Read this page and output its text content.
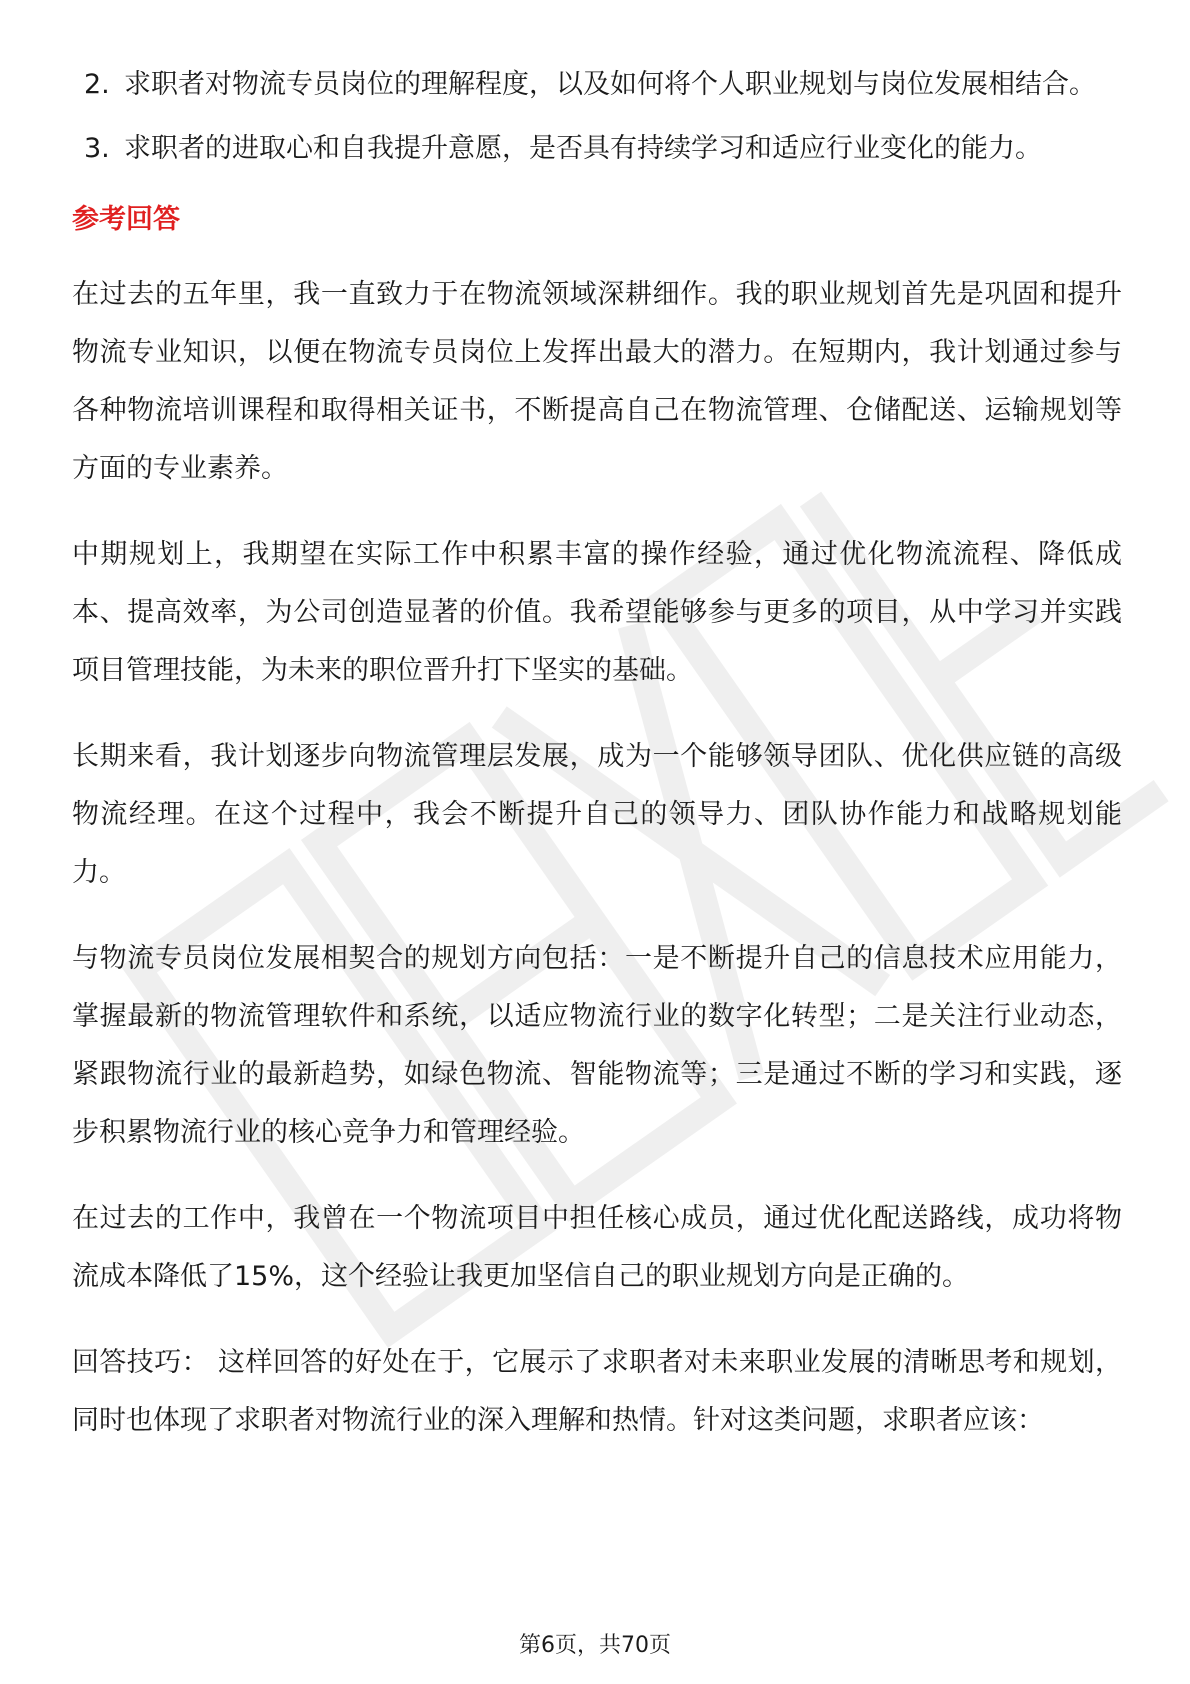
2. 求职者对物流专员岗位的理解程度，以及如何将个人职业规划与岗位发展相结合。
3. 求职者的进取心和自我提升意愿，是否具有持续学习和适应行业变化的能力。
参考回答

在过去的五年里，我一直致力于在物流领域深耕细作。我的职业规划首先是巩固和提升物流专业知识，以便在物流专员岗位上发挥出最大的潜力。在短期内，我计划通过参与各种物流培训课程和取得相关证书，不断提高自己在物流管理、仓储配送、运输规划等方面的专业素养。

中期规划上，我期望在实际工作中积累丰富的操作经验，通过优化物流流程、降低成本、提高效率，为公司创造显著的价值。我希望能够参与更多的项目，从中学习并实践项目管理技能，为未来的职位晋升打下坚实的基础。

长期来看，我计划逐步向物流管理层发展，成为一个能够领导团队、优化供应链的高级物流经理。在这个过程中，我会不断提升自己的领导力、团队协作能力和战略规划能力。

与物流专员岗位发展相契合的规划方向包括：一是不断提升自己的信息技术应用能力，掌握最新的物流管理软件和系统，以适应物流行业的数字化转型；二是关注行业动态，紧跟物流行业的最新趋势，如绿色物流、智能物流等；三是通过不断的学习和实践，逐步积累物流行业的核心竞争力和管理经验。

在过去的工作中，我曾在一个物流项目中担任核心成员，通过优化配送路线，成功将物流成本降低了15%，这个经验让我更加坚信自己的职业规划方向是正确的。

回答技巧： 这样回答的好处在于，它展示了求职者对未来职业发展的清晰思考和规划，同时也体现了求职者对物流行业的深入理解和热情。针对这类问题，求职者应该：

第6页，共70页
